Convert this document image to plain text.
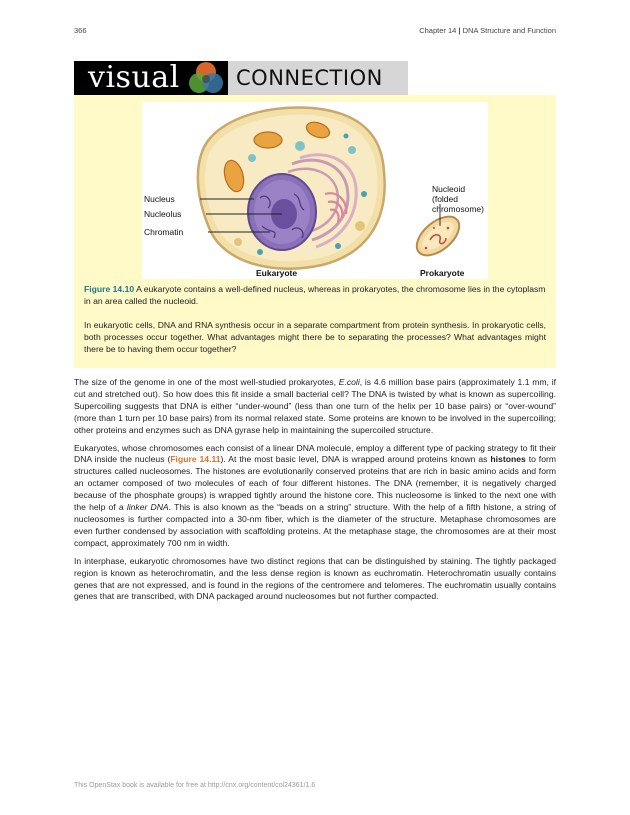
366	Chapter 14 | DNA Structure and Function
visual	CONNECTION
Nucleus
Nucleolus
Chromatin
Nucleoid
(folded
chromosome)
Eukaryote	Prokaryote
Figure 14.10 A eukaryote contains a well-defined nucleus, whereas in prokaryotes, the chromosome lies in the cytoplasm in an area called the nucleoid.
In eukaryotic cells, DNA and RNA synthesis occur in a separate compartment from protein synthesis. In prokaryotic cells, both processes occur together. What advantages might there be to separating the processes? What advantages might there be to having them occur together?

The size of the genome in one of the most well-studied prokaryotes, E.coli, is 4.6 million base pairs (approximately 1.1 mm, if cut and stretched out). So how does this fit inside a small bacterial cell? The DNA is twisted by what is known as supercoiling. Supercoiling suggests that DNA is either “under-wound” (less than one turn of the helix per 10 base pairs) or “over-wound” (more than 1 turn per 10 base pairs) from its normal relaxed state. Some proteins are known to be involved in the supercoiling; other proteins and enzymes such as DNA gyrase help in maintaining the supercoiled structure.

Eukaryotes, whose chromosomes each consist of a linear DNA molecule, employ a different type of packing strategy to fit their DNA inside the nucleus (Figure 14.11). At the most basic level, DNA is wrapped around proteins known as histones to form structures called nucleosomes. The histones are evolutionarily conserved proteins that are rich in basic amino acids and form an octamer composed of two molecules of each of four different histones. The DNA (remember, it is negatively charged because of the phosphate groups) is wrapped tightly around the histone core. This nucleosome is linked to the next one with the help of a linker DNA. This is also known as the “beads on a string” structure. With the help of a fifth histone, a string of nucleosomes is further compacted into a 30-nm fiber, which is the diameter of the structure. Metaphase chromosomes are even further condensed by association with scaffolding proteins. At the metaphase stage, the chromosomes are at their most compact, approximately 700 nm in width.

In interphase, eukaryotic chromosomes have two distinct regions that can be distinguished by staining. The tightly packaged region is known as heterochromatin, and the less dense region is known as euchromatin. Heterochromatin usually contains genes that are not expressed, and is found in the regions of the centromere and telomeres. The euchromatin usually contains genes that are transcribed, with DNA packaged around nucleosomes but not further compacted.

This OpenStax book is available for free at http://cnx.org/content/col24361/1.6
